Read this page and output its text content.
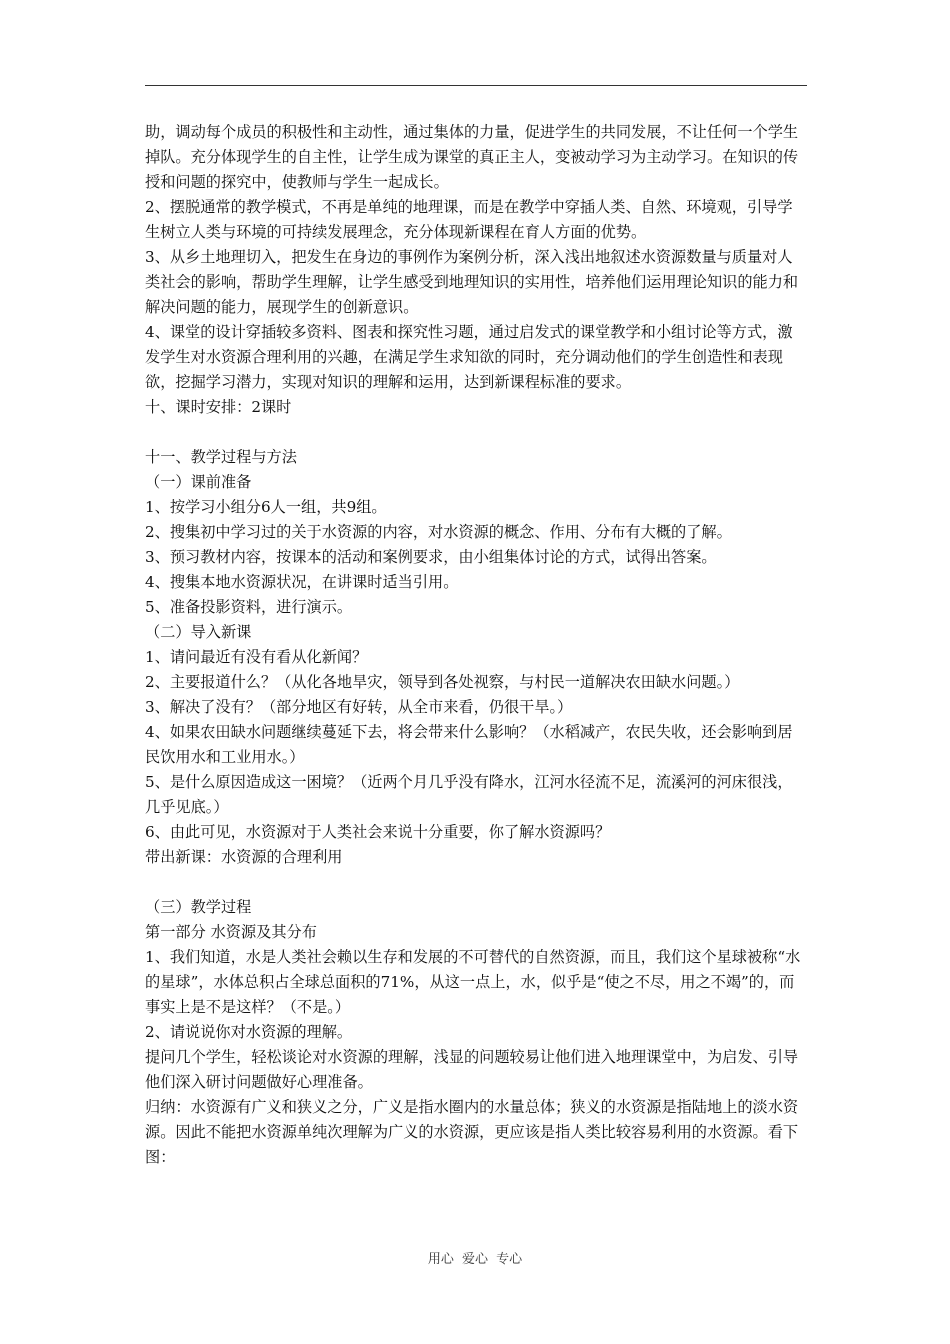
助，调动每个成员的积极性和主动性，通过集体的力量，促进学生的共同发展，不让任何一个学生掉队。充分体现学生的自主性，让学生成为课堂的真正主人，变被动学习为主动学习。在知识的传授和问题的探究中，使教师与学生一起成长。

2、摆脱通常的教学模式，不再是单纯的地理课，而是在教学中穿插人类、自然、环境观，引导学生树立人类与环境的可持续发展理念，充分体现新课程在育人方面的优势。

3、从乡土地理切入，把发生在身边的事例作为案例分析，深入浅出地叙述水资源数量与质量对人类社会的影响，帮助学生理解，让学生感受到地理知识的实用性，培养他们运用理论知识的能力和解决问题的能力，展现学生的创新意识。

4、课堂的设计穿插较多资料、图表和探究性习题，通过启发式的课堂教学和小组讨论等方式，激发学生对水资源合理利用的兴趣，在满足学生求知欲的同时，充分调动他们的学生创造性和表现欲，挖掘学习潜力，实现对知识的理解和运用，达到新课程标准的要求。

十、课时安排：2课时

十一、教学过程与方法

（一）课前准备

1、按学习小组分6人一组，共9组。

2、搜集初中学习过的关于水资源的内容，对水资源的概念、作用、分布有大概的了解。

3、预习教材内容，按课本的活动和案例要求，由小组集体讨论的方式，试得出答案。

4、搜集本地水资源状况，在讲课时适当引用。

5、准备投影资料，进行演示。

（二）导入新课

1、请问最近有没有看从化新闻？

2、主要报道什么？（从化各地旱灾，领导到各处视察，与村民一道解决农田缺水问题。）

3、解决了没有？（部分地区有好转，从全市来看，仍很干旱。）

4、如果农田缺水问题继续蔓延下去，将会带来什么影响？（水稻减产，农民失收，还会影响到居民饮用水和工业用水。）

5、是什么原因造成这一困境？（近两个月几乎没有降水，江河水径流不足，流溪河的河床很浅，几乎见底。）

6、由此可见，水资源对于人类社会来说十分重要，你了解水资源吗？

带出新课：水资源的合理利用

（三）教学过程

第一部分 水资源及其分布

1、我们知道，水是人类社会赖以生存和发展的不可替代的自然资源，而且，我们这个星球被称“水的星球”，水体总积占全球总面积的71%，从这一点上，水，似乎是“使之不尽，用之不竭”的，而事实上是不是这样？（不是。）

2、请说说你对水资源的理解。

提问几个学生，轻松谈论对水资源的理解，浅显的问题较易让他们进入地理课堂中，为启发、引导他们深入研讨问题做好心理准备。

归纳：水资源有广义和狭义之分，广义是指水圈内的水量总体；狭义的水资源是指陆地上的淡水资源。因此不能把水资源单纯次理解为广义的水资源，更应该是指人类比较容易利用的水资源。看下图：

用心 爱心 专心
